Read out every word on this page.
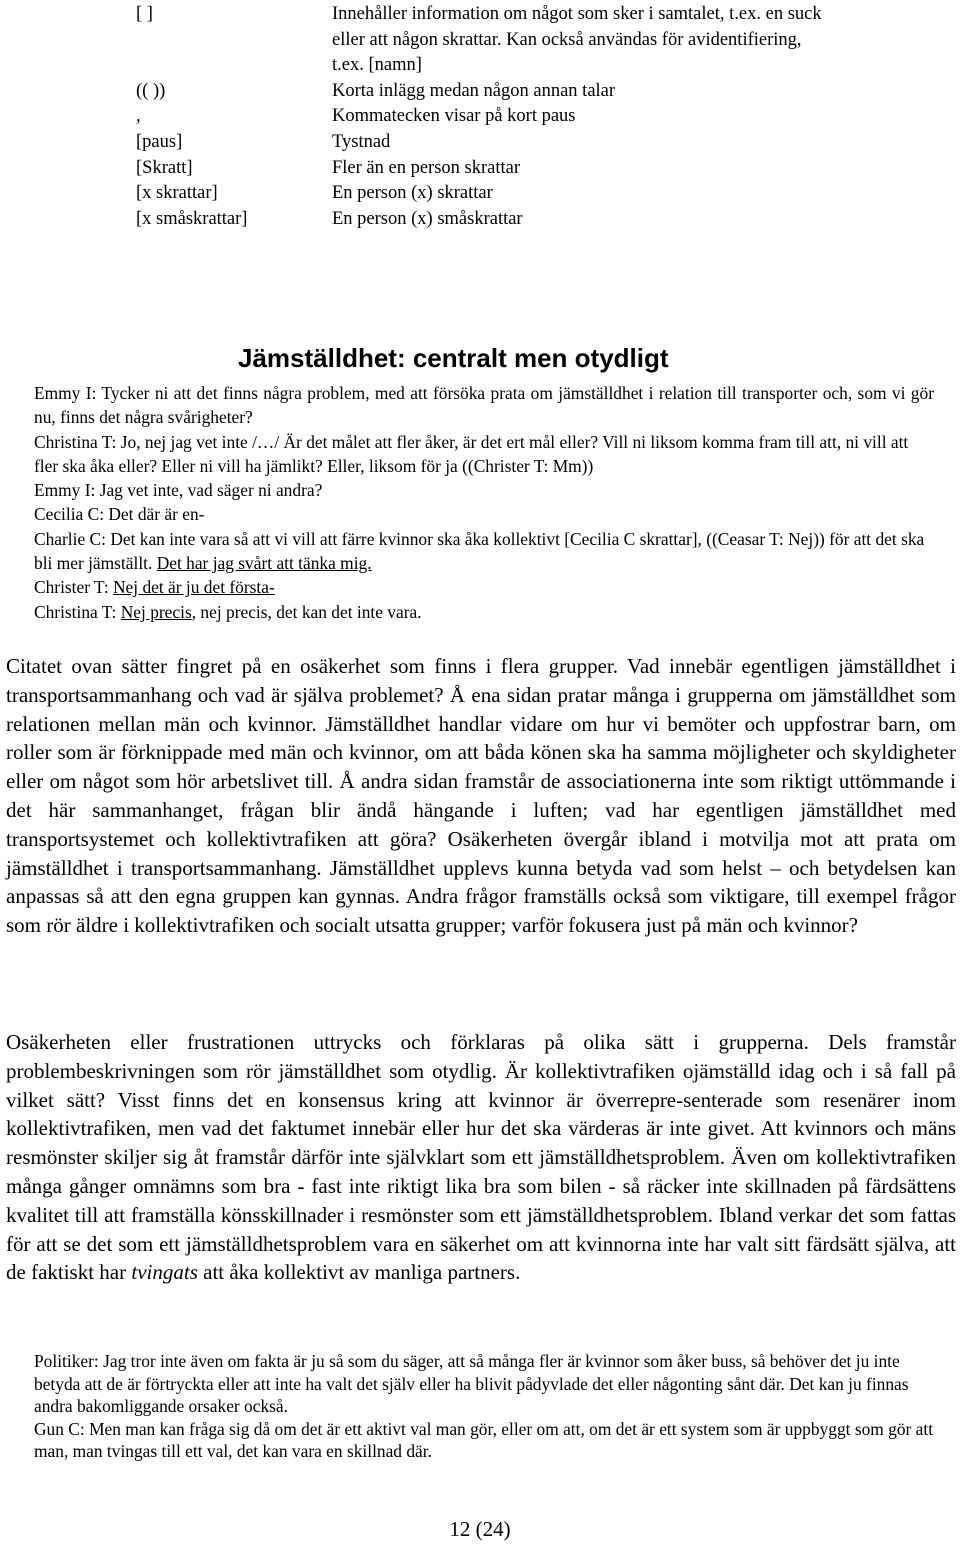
[ ]	Innehåller information om något som sker i samtalet, t.ex. en suck eller att någon skrattar. Kan också användas för avidentifiering, t.ex. [namn]
(( ))	Korta inlägg medan någon annan talar
,	Kommatecken visar på kort paus
[paus]	Tystnad
[Skratt]	Fler än en person skrattar
[x skrattar]	En person (x) skrattar
[x småskrattar]	En person (x) småskrattar
Jämställdhet: centralt men otydligt

Emmy I: Tycker ni att det finns några problem, med att försöka prata om jämställdhet i relation till transporter och, som vi gör nu, finns det några svårigheter?

Christina T: Jo, nej jag vet inte /…/ Är det målet att fler åker, är det ert mål eller? Vill ni liksom komma fram till att, ni vill att fler ska åka eller? Eller ni vill ha jämlikt? Eller, liksom för ja ((Christer T: Mm))

Emmy I: Jag vet inte, vad säger ni andra?

Cecilia C: Det där är en-

Charlie C: Det kan inte vara så att vi vill att färre kvinnor ska åka kollektivt [Cecilia C skrattar], ((Ceasar T: Nej)) för att det ska bli mer jämställt. Det har jag svårt att tänka mig.

Christer T: Nej det är ju det första-

Christina T: Nej precis, nej precis, det kan det inte vara.

Citatet ovan sätter fingret på en osäkerhet som finns i flera grupper. Vad innebär egentligen jämställdhet i transportsammanhang och vad är själva problemet? Å ena sidan pratar många i grupperna om jämställdhet som relationen mellan män och kvinnor. Jämställdhet handlar vidare om hur vi bemöter och uppfostrar barn, om roller som är förknippade med män och kvinnor, om att båda könen ska ha samma möjligheter och skyldigheter eller om något som hör arbetslivet till. Å andra sidan framstår de associationerna inte som riktigt uttömmande i det här sammanhanget, frågan blir ändå hängande i luften; vad har egentligen jämställdhet med transportsystemet och kollektivtrafiken att göra? Osäkerheten övergår ibland i motvilja mot att prata om jämställdhet i transportsammanhang. Jämställdhet upplevs kunna betyda vad som helst – och betydelsen kan anpassas så att den egna gruppen kan gynnas. Andra frågor framställs också som viktigare, till exempel frågor som rör äldre i kollektivtrafiken och socialt utsatta grupper; varför fokusera just på män och kvinnor?

Osäkerheten eller frustrationen uttrycks och förklaras på olika sätt i grupperna. Dels framstår problembeskrivningen som rör jämställdhet som otydlig. Är kollektivtrafiken ojämställd idag och i så fall på vilket sätt? Visst finns det en konsensus kring att kvinnor är överrepre-senterade som resenärer inom kollektivtrafiken, men vad det faktumet innebär eller hur det ska värderas är inte givet. Att kvinnors och mäns resmönster skiljer sig åt framstår därför inte självklart som ett jämställdhetsproblem. Även om kollektivtrafiken många gånger omnämns som bra - fast inte riktigt lika bra som bilen - så räcker inte skillnaden på färdsättens kvalitet till att framställa könsskillnader i resmönster som ett jämställdhetsproblem. Ibland verkar det som fattas för att se det som ett jämställdhetsproblem vara en säkerhet om att kvinnorna inte har valt sitt färdsätt själva, att de faktiskt har tvingats att åka kollektivt av manliga partners.

Politiker: Jag tror inte även om fakta är ju så som du säger, att så många fler är kvinnor som åker buss, så behöver det ju inte betyda att de är förtryckta eller att inte ha valt det själv eller ha blivit pådyvlade det eller någonting sånt där. Det kan ju finnas andra bakomliggande orsaker också.

Gun C: Men man kan fråga sig då om det är ett aktivt val man gör, eller om att, om det är ett system som är uppbyggt som gör att man, man tvingas till ett val, det kan vara en skillnad där.

12 (24)
